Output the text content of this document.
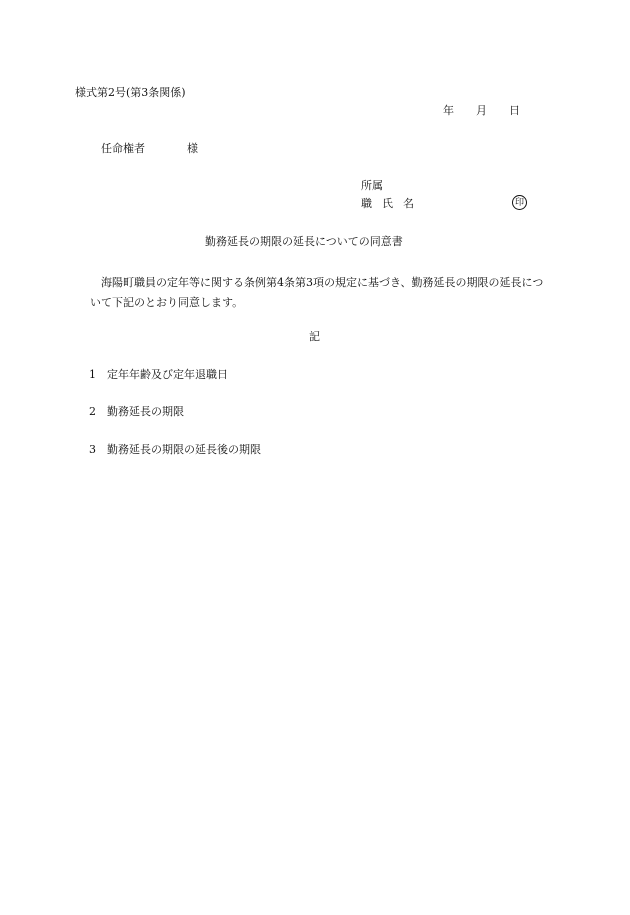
様式第2号(第3条関係)
年 月 日
任命権者	様
所属
職 氏 名	印
勤務延長の期限の延長についての同意書
海陽町職員の定年等に関する条例第4条第3項の規定に基づき、勤務延長の期限の延長について下記のとおり同意します。
記
1 定年年齢及び定年退職日
2 勤務延長の期限
3 勤務延長の期限の延長後の期限
